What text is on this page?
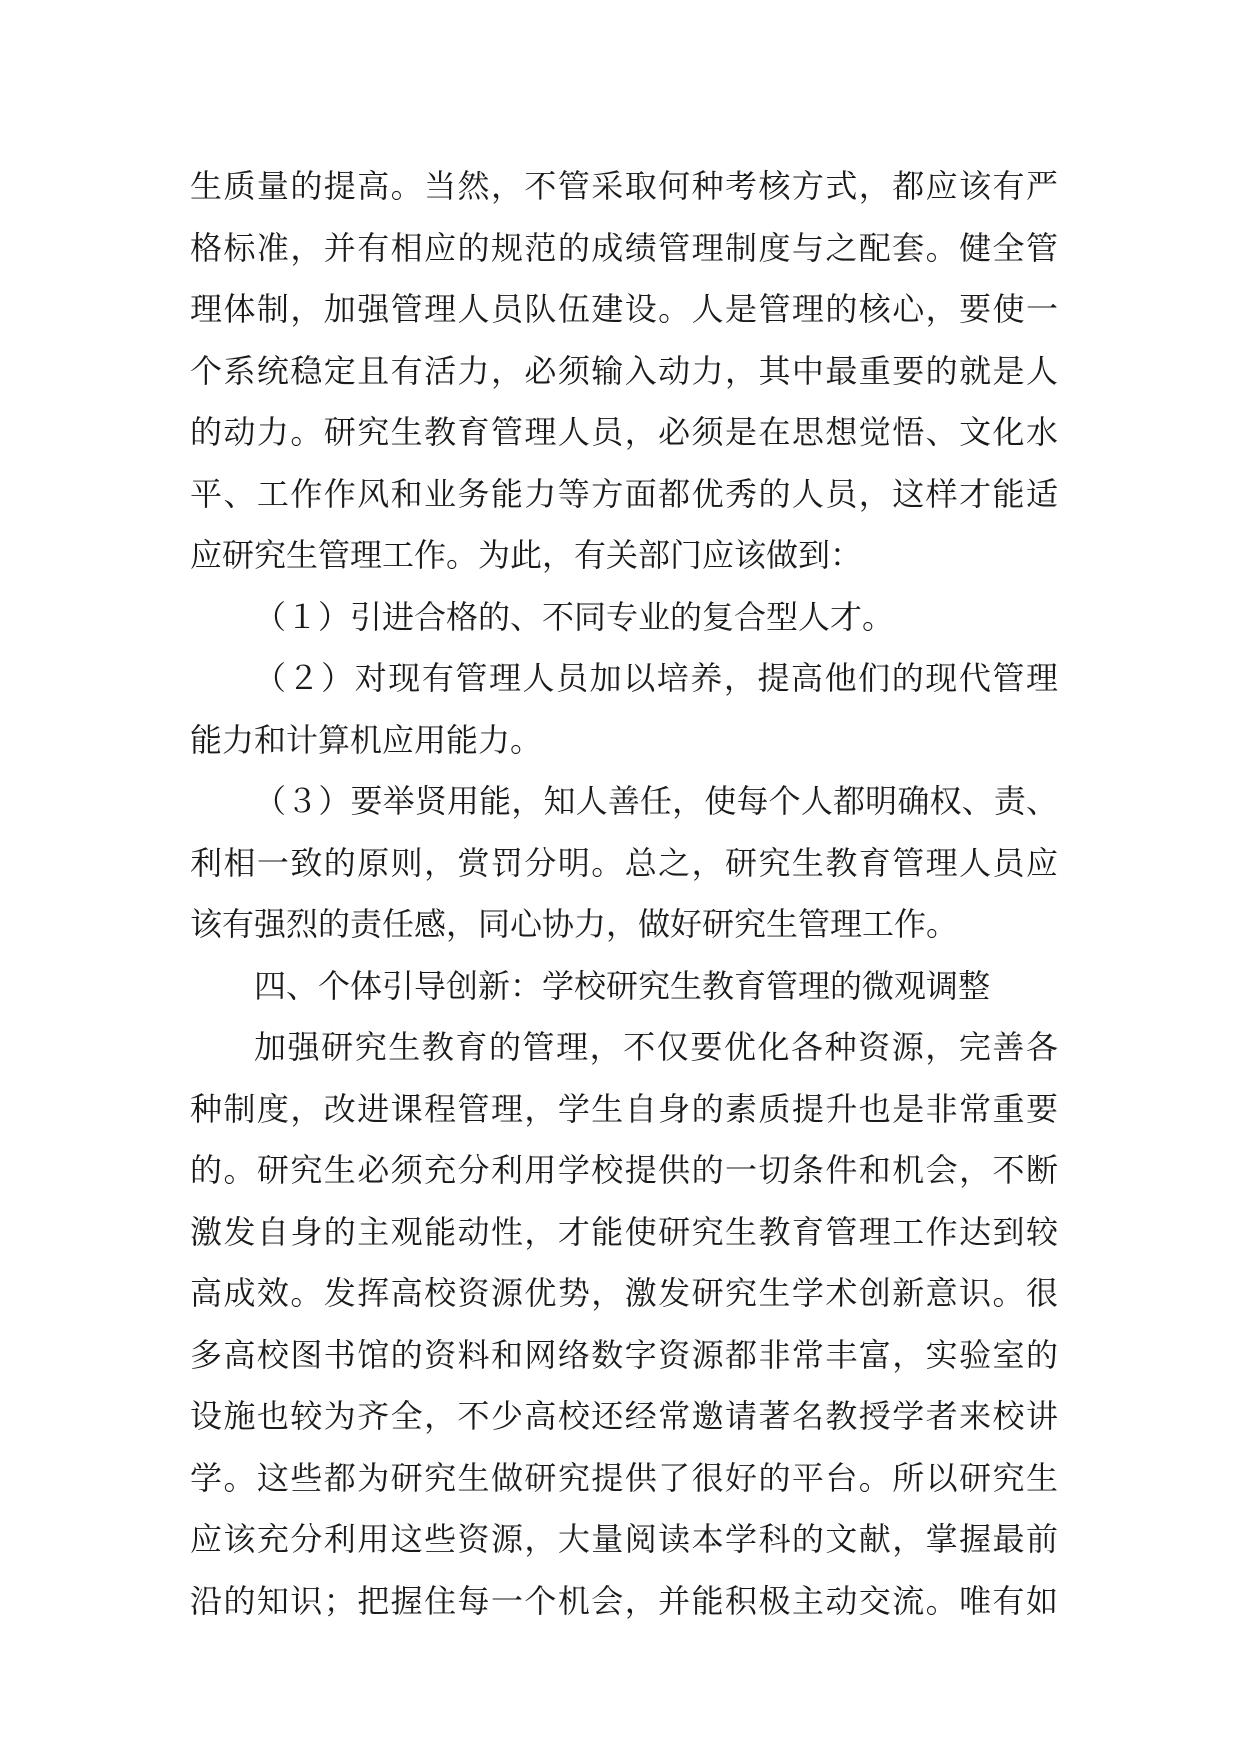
生质量的提高。当然，不管采取何种考核方式，都应该有严
格标准，并有相应的规范的成绩管理制度与之配套。健全管
理体制，加强管理人员队伍建设。人是管理的核心，要使一
个系统稳定且有活力，必须输入动力，其中最重要的就是人
的动力。研究生教育管理人员，必须是在思想觉悟、文化水
平、工作作风和业务能力等方面都优秀的人员，这样才能适
应研究生管理工作。为此，有关部门应该做到：
（１）引进合格的、不同专业的复合型人才。
（２）对现有管理人员加以培养，提高他们的现代管理
能力和计算机应用能力。
（３）要举贤用能，知人善任，使每个人都明确权、责、
利相一致的原则，赏罚分明。总之，研究生教育管理人员应
该有强烈的责任感，同心协力，做好研究生管理工作。
四、个体引导创新：学校研究生教育管理的微观调整
加强研究生教育的管理，不仅要优化各种资源，完善各
种制度，改进课程管理，学生自身的素质提升也是非常重要
的。研究生必须充分利用学校提供的一切条件和机会，不断
激发自身的主观能动性，才能使研究生教育管理工作达到较
高成效。发挥高校资源优势，激发研究生学术创新意识。很
多高校图书馆的资料和网络数字资源都非常丰富，实验室的
设施也较为齐全，不少高校还经常邀请著名教授学者来校讲
学。这些都为研究生做研究提供了很好的平台。所以研究生
应该充分利用这些资源，大量阅读本学科的文献，掌握最前
沿的知识；把握住每一个机会，并能积极主动交流。唯有如
